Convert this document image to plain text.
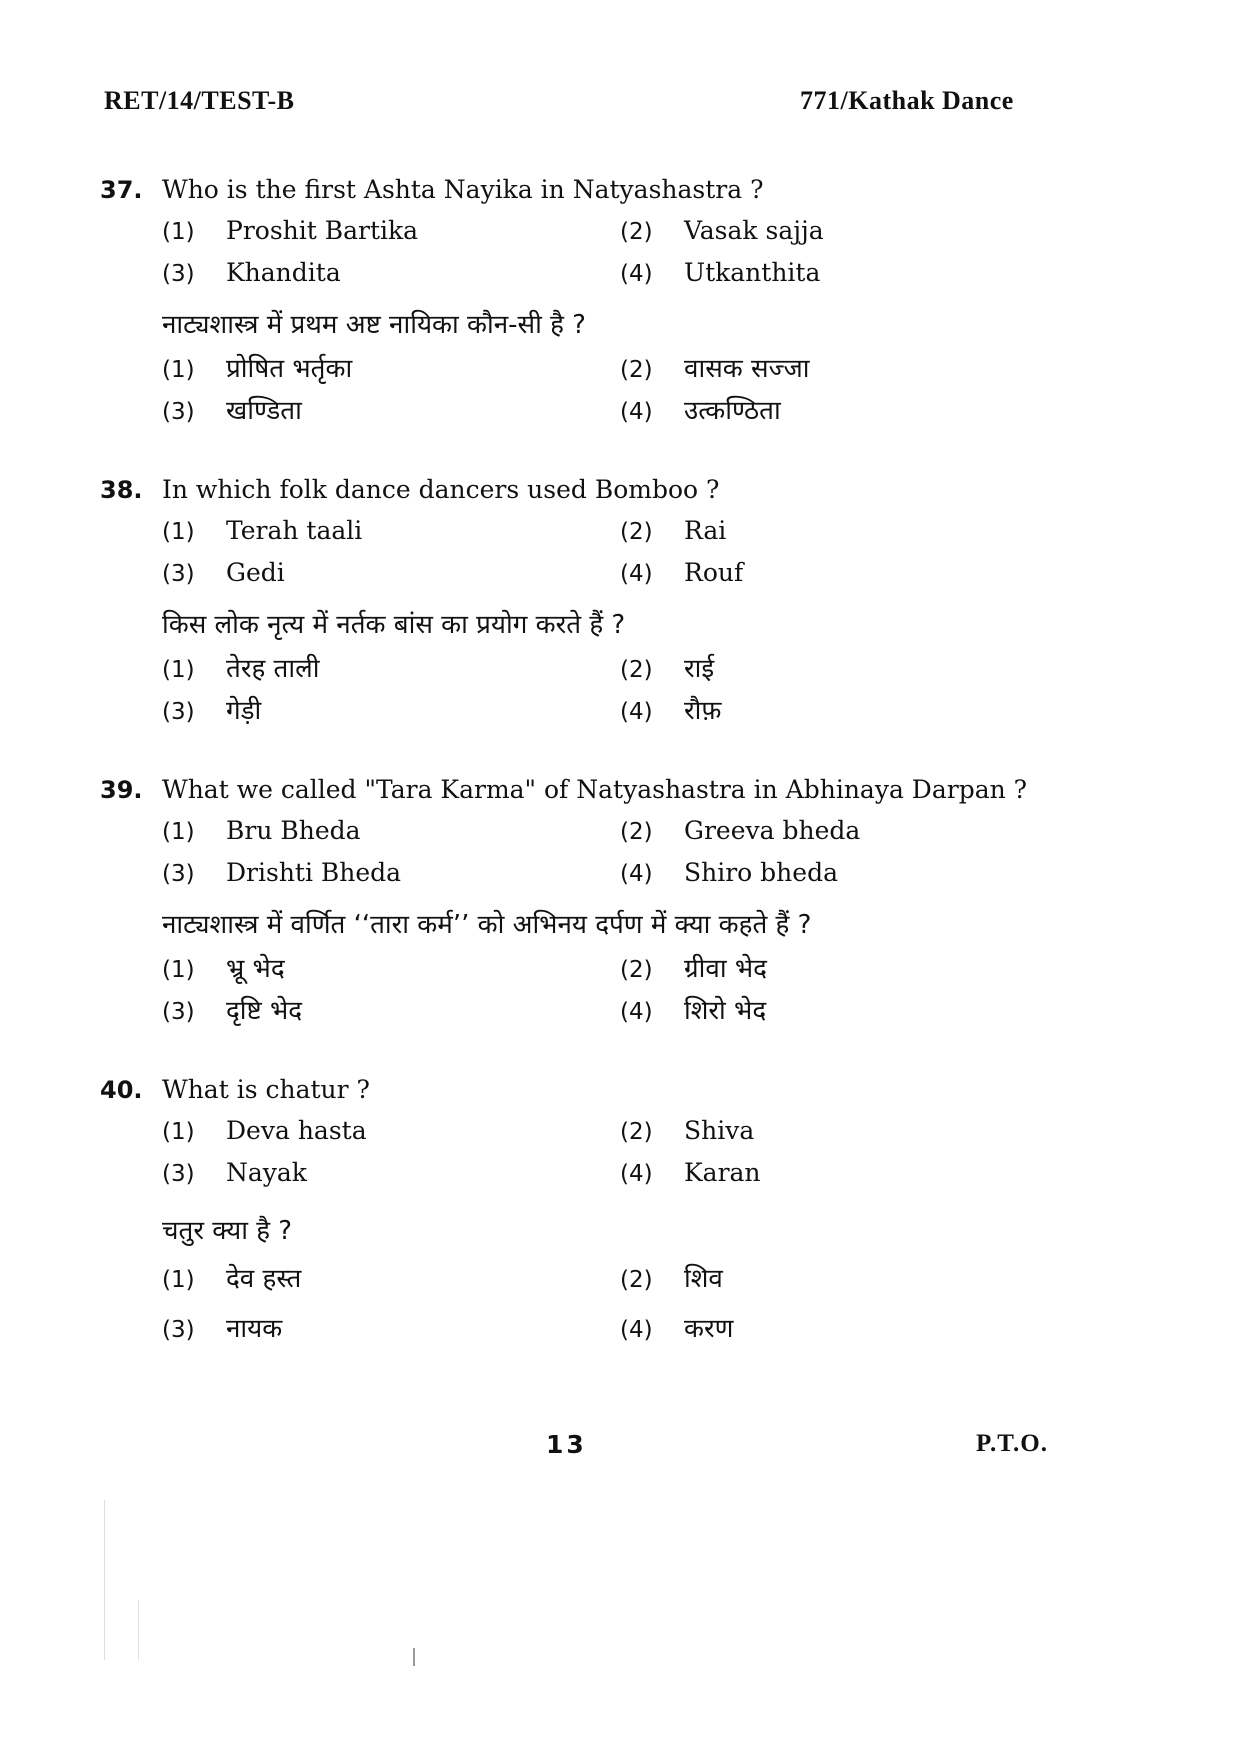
RET/14/TEST-B	771/Kathak Dance
37. Who is the first Ashta Nayika in Natyashastra ?
(1) Proshit Bartika	(2) Vasak sajja
(3) Khandita	(4) Utkanthita
नाट्यशास्त्र में प्रथम अष्ट नायिका कौन-सी है ?
(1) प्रोषित भर्तृका	(2) वासक सज्जा
(3) खण्डिता	(4) उत्कण्ठिता
38. In which folk dance dancers used Bomboo ?
(1) Terah taali	(2) Rai
(3) Gedi	(4) Rouf
किस लोक नृत्य में नर्तक बांस का प्रयोग करते हैं ?
(1) तेरह ताली	(2) राई
(3) गेड़ी	(4) रौफ़
39. What we called "Tara Karma" of Natyashastra in Abhinaya Darpan ?
(1) Bru Bheda	(2) Greeva bheda
(3) Drishti Bheda	(4) Shiro bheda
नाट्यशास्त्र में वर्णित ‘‘तारा कर्म’’ को अभिनय दर्पण में क्या कहते हैं ?
(1) भ्रू भेद	(2) ग्रीवा भेद
(3) दृष्टि भेद	(4) शिरो भेद
40. What is chatur ?
(1) Deva hasta	(2) Shiva
(3) Nayak	(4) Karan
चतुर क्या है ?
(1) देव हस्त	(2) शिव
(3) नायक	(4) करण
13	P.T.O.
